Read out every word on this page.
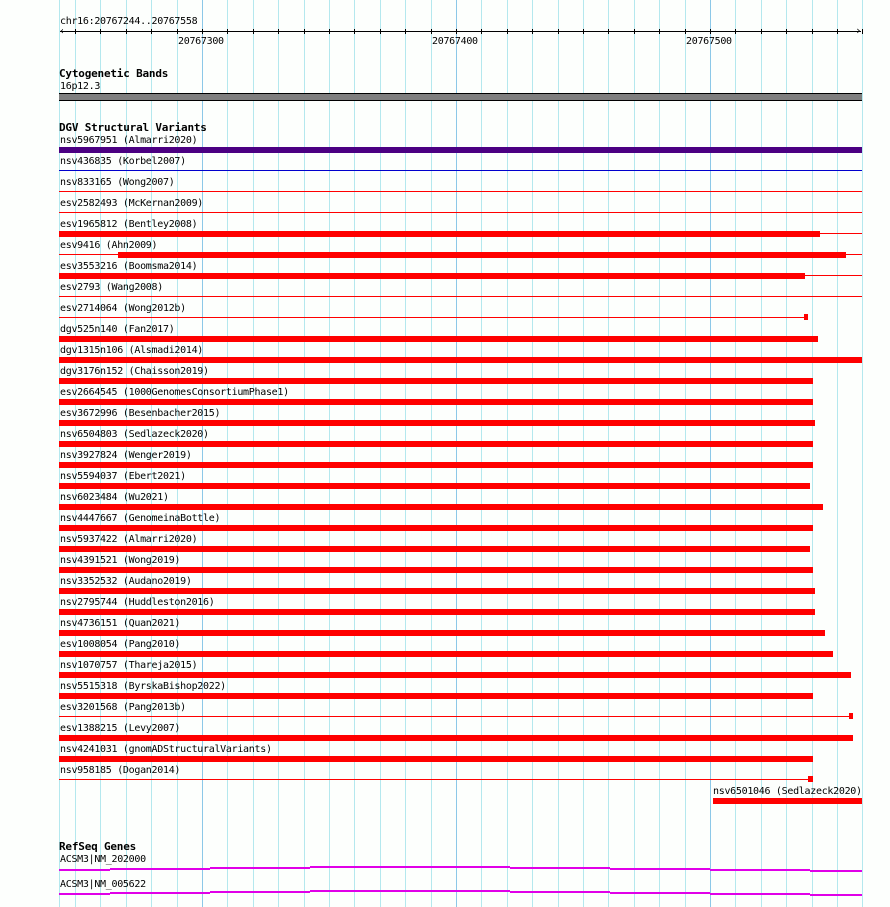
chr16:20767244..20767558
‹	›
20767300	20767400	20767500
Cytogenetic Bands
16p12.3
DGV Structural Variants
nsv5967951 (Almarri2020)
nsv436835 (Korbel2007)
nsv833165 (Wong2007)
esv2582493 (McKernan2009)
esv1965812 (Bentley2008)
esv9416 (Ahn2009)
esv3553216 (Boomsma2014)
esv2793 (Wang2008)
esv2714064 (Wong2012b)
dgv525n140 (Fan2017)
dgv1315n106 (Alsmadi2014)
dgv3176n152 (Chaisson2019)
esv2664545 (1000GenomesConsortiumPhase1)
esv3672996 (Besenbacher2015)
nsv6504803 (Sedlazeck2020)
nsv3927824 (Wenger2019)
nsv5594037 (Ebert2021)
nsv6023484 (Wu2021)
nsv4447667 (GenomeinaBottle)
nsv5937422 (Almarri2020)
nsv4391521 (Wong2019)
nsv3352532 (Audano2019)
nsv2795744 (Huddleston2016)
nsv4736151 (Quan2021)
esv1008054 (Pang2010)
nsv1070757 (Thareja2015)
nsv5515318 (ByrskaBishop2022)
esv3201568 (Pang2013b)
esv1388215 (Levy2007)
nsv4241031 (gnomADStructuralVariants)
nsv958185 (Dogan2014)
nsv6501046 (Sedlazeck2020)
RefSeq Genes
ACSM3|NM_202000
ACSM3|NM_005622
